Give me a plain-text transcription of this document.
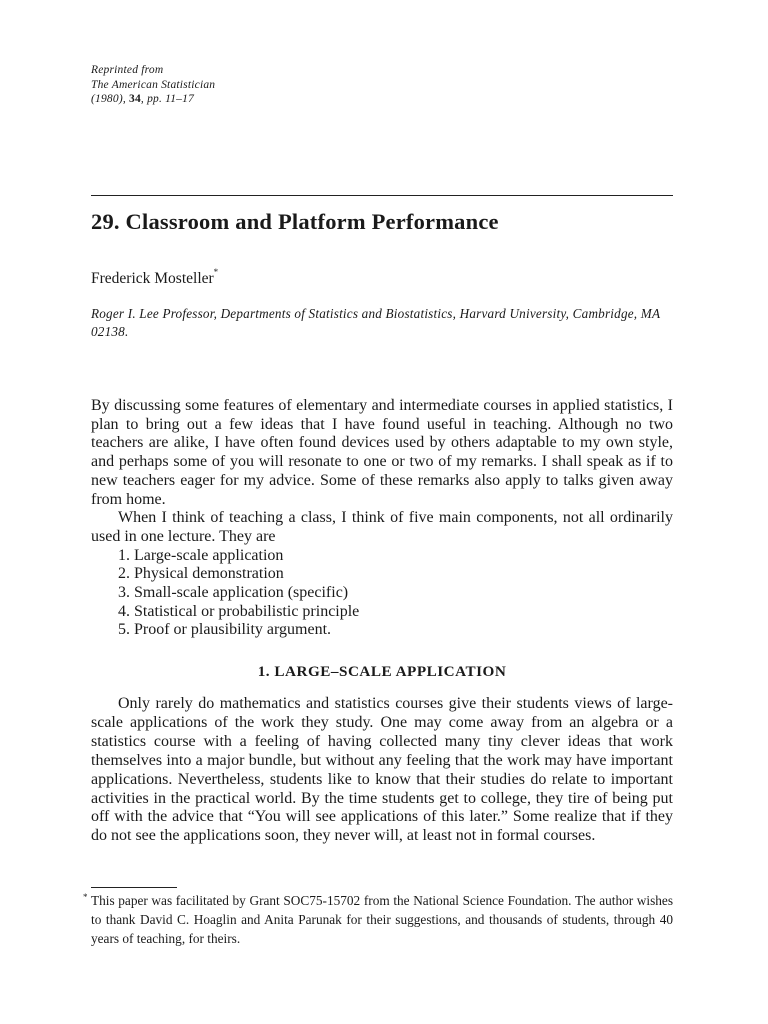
Reprinted from
The American Statistician
(1980), 34, pp. 11–17
29. Classroom and Platform Performance
Frederick Mosteller*
Roger I. Lee Professor, Departments of Statistics and Biostatistics, Harvard University, Cambridge, MA 02138.

By discussing some features of elementary and intermediate courses in applied statistics, I plan to bring out a few ideas that I have found useful in teaching. Although no two teachers are alike, I have often found devices used by others adaptable to my own style, and perhaps some of you will resonate to one or two of my remarks. I shall speak as if to new teachers eager for my advice. Some of these remarks also apply to talks given away from home.

When I think of teaching a class, I think of five main components, not all ordinarily used in one lecture. They are

1. Large-scale application
2. Physical demonstration
3. Small-scale application (specific)
4. Statistical or probabilistic principle
5. Proof or plausibility argument.
1. LARGE–SCALE APPLICATION

Only rarely do mathematics and statistics courses give their students views of large-scale applications of the work they study. One may come away from an algebra or a statistics course with a feeling of having collected many tiny clever ideas that work themselves into a major bundle, but without any feeling that the work may have important applications. Nevertheless, students like to know that their studies do relate to important activities in the practical world. By the time students get to college, they tire of being put off with the advice that “You will see applications of this later.” Some realize that if they do not see the applications soon, they never will, at least not in formal courses.

* This paper was facilitated by Grant SOC75-15702 from the National Science Foundation. The author wishes to thank David C. Hoaglin and Anita Parunak for their suggestions, and thousands of students, through 40 years of teaching, for theirs.
